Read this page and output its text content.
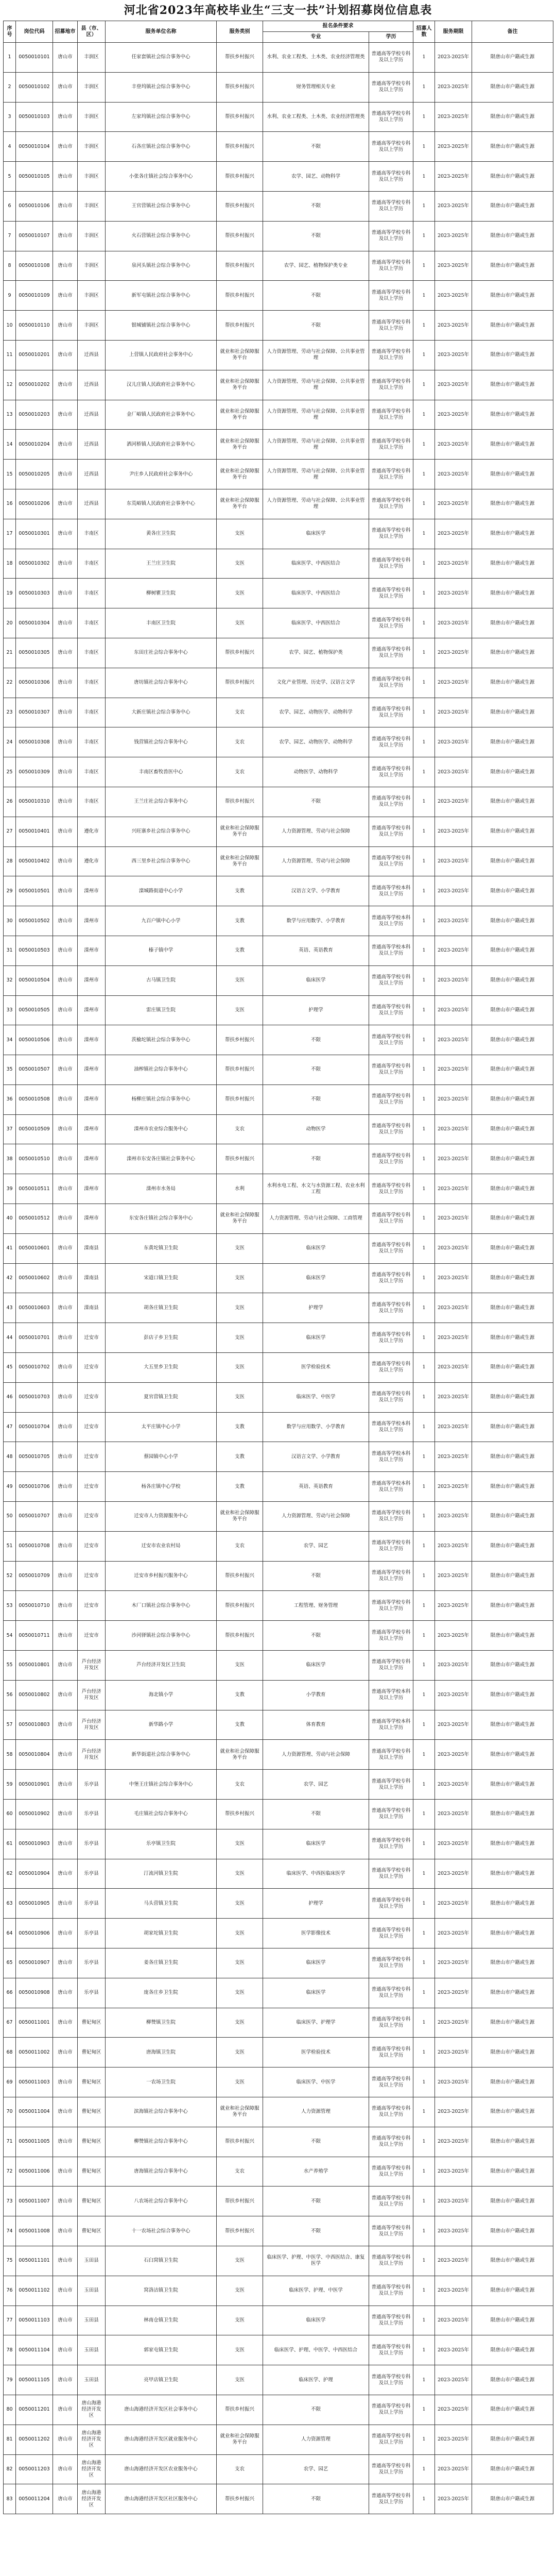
河北省2023年高校毕业生“三支一扶”计划招募岗位信息表
序号	岗位代码	招募地市	县（市、区）	服务单位名称	服务类别	报名条件要求		招募人数	服务期限	备注
						专业	学历			
1	0050010101	唐山市	丰润区	任家套镇社会综合事务中心	帮扶乡村振兴	水利、农业工程类、土木类、农业经济管理类	普通高等学校专科及以上学历	1	2023-2025年	限唐山市户籍或生源
2	0050010102	唐山市	丰润区	丰登坞镇社会综合事务中心	帮扶乡村振兴	财务管理相关专业	普通高等学校专科及以上学历	1	2023-2025年	限唐山市户籍或生源
3	0050010103	唐山市	丰润区	左家坞镇社会综合事务中心	帮扶乡村振兴	水利、农业工程类、土木类、农业经济管理类	普通高等学校专科及以上学历	1	2023-2025年	限唐山市户籍或生源
4	0050010104	唐山市	丰润区	石各庄镇社会综合事务中心	帮扶乡村振兴	不限	普通高等学校专科及以上学历	1	2023-2025年	限唐山市户籍或生源
5	0050010105	唐山市	丰润区	小张各庄镇社会综合事务中心	帮扶乡村振兴	农学、园艺、动物科学	普通高等学校专科及以上学历	1	2023-2025年	限唐山市户籍或生源
6	0050010106	唐山市	丰润区	王官营镇社会综合事务中心	帮扶乡村振兴	不限	普通高等学校专科及以上学历	1	2023-2025年	限唐山市户籍或生源
7	0050010107	唐山市	丰润区	火石营镇社会综合事务中心	帮扶乡村振兴	不限	普通高等学校专科及以上学历	1	2023-2025年	限唐山市户籍或生源
8	0050010108	唐山市	丰润区	泉河头镇社会综合事务中心	帮扶乡村振兴	农学、园艺、植物保护类专业	普通高等学校专科及以上学历	1	2023-2025年	限唐山市户籍或生源
9	0050010109	唐山市	丰润区	新军屯镇社会综合事务中心	帮扶乡村振兴	不限	普通高等学校专科及以上学历	1	2023-2025年	限唐山市户籍或生源
10	0050010110	唐山市	丰润区	银城铺镇社会综合事务中心	帮扶乡村振兴	不限	普通高等学校专科及以上学历	1	2023-2025年	限唐山市户籍或生源
11	0050010201	唐山市	迁西县	上营镇人民政府社会事务中心	就业和社会保障服务平台	人力资源管理、劳动与社会保障、公共事业管理	普通高等学校专科及以上学历	1	2023-2025年	限唐山市户籍或生源
12	0050010202	唐山市	迁西县	汉儿庄镇人民政府社会事务中心	就业和社会保障服务平台	人力资源管理、劳动与社会保障、公共事业管理	普通高等学校专科及以上学历	1	2023-2025年	限唐山市户籍或生源
13	0050010203	唐山市	迁西县	金厂峪镇人民政府社会事务中心	就业和社会保障服务平台	人力资源管理、劳动与社会保障、公共事业管理	普通高等学校专科及以上学历	1	2023-2025年	限唐山市户籍或生源
14	0050010204	唐山市	迁西县	洒河桥镇人民政府社会事务中心	就业和社会保障服务平台	人力资源管理、劳动与社会保障、公共事业管理	普通高等学校专科及以上学历	1	2023-2025年	限唐山市户籍或生源
15	0050010205	唐山市	迁西县	尹庄乡人民政府社会事务中心	就业和社会保障服务平台	人力资源管理、劳动与社会保障、公共事业管理	普通高等学校专科及以上学历	1	2023-2025年	限唐山市户籍或生源
16	0050010206	唐山市	迁西县	东荒峪镇人民政府社会事务中心	就业和社会保障服务平台	人力资源管理、劳动与社会保障、公共事业管理	普通高等学校专科及以上学历	1	2023-2025年	限唐山市户籍或生源
17	0050010301	唐山市	丰南区	黄各庄卫生院	支医	临床医学	普通高等学校专科及以上学历	1	2023-2025年	限唐山市户籍或生源
18	0050010302	唐山市	丰南区	王兰庄卫生院	支医	临床医学、中西医结合	普通高等学校专科及以上学历	1	2023-2025年	限唐山市户籍或生源
19	0050010303	唐山市	丰南区	柳树瞿卫生院	支医	临床医学、中西医结合	普通高等学校专科及以上学历	1	2023-2025年	限唐山市户籍或生源
20	0050010304	唐山市	丰南区	丰南区卫生院	支医	临床医学、中西医结合	普通高等学校专科及以上学历	1	2023-2025年	限唐山市户籍或生源
21	0050010305	唐山市	丰南区	东田庄社会综合事务中心	帮扶乡村振兴	农学、园艺、植物保护类	普通高等学校专科及以上学历	1	2023-2025年	限唐山市户籍或生源
22	0050010306	唐山市	丰南区	唐坊镇社会综合事务中心	帮扶乡村振兴	文化产业管理、历史学、汉语言文学	普通高等学校专科及以上学历	1	2023-2025年	限唐山市户籍或生源
23	0050010307	唐山市	丰南区	大新庄镇社会综合事务中心	支农	农学、园艺、动物医学、动物科学	普通高等学校专科及以上学历	1	2023-2025年	限唐山市户籍或生源
24	0050010308	唐山市	丰南区	钱营镇社会综合事务中心	支农	农学、园艺、动物医学、动物科学	普通高等学校专科及以上学历	1	2023-2025年	限唐山市户籍或生源
25	0050010309	唐山市	丰南区	丰南区畜牧兽医中心	支农	动物医学、动物科学	普通高等学校专科及以上学历	1	2023-2025年	限唐山市户籍或生源
26	0050010310	唐山市	丰南区	王兰庄社会综合事务中心	帮扶乡村振兴	不限	普通高等学校专科及以上学历	1	2023-2025年	限唐山市户籍或生源
27	0050010401	唐山市	遵化市	兴旺寨乡社会综合事务中心	就业和社会保障服务平台	人力资源管理、劳动与社会保障	普通高等学校专科及以上学历	1	2023-2025年	限唐山市户籍或生源
28	0050010402	唐山市	遵化市	西三里乡社会综合事务中心	就业和社会保障服务平台	人力资源管理、劳动与社会保障	普通高等学校专科及以上学历	1	2023-2025年	限唐山市户籍或生源
29	0050010501	唐山市	滦州市	滦城路街道中心小学	支教	汉语言文学、小学教育	普通高等学校本科及以上学历	1	2023-2025年	限唐山市户籍或生源
30	0050010502	唐山市	滦州市	九百户镇中心小学	支教	数学与应用数学、小学教育	普通高等学校本科及以上学历	1	2023-2025年	限唐山市户籍或生源
31	0050010503	唐山市	滦州市	榛子镇中学	支教	英语、英语教育	普通高等学校本科及以上学历	1	2023-2025年	限唐山市户籍或生源
32	0050010504	唐山市	滦州市	古马镇卫生院	支医	临床医学	普通高等学校专科及以上学历	1	2023-2025年	限唐山市户籍或生源
33	0050010505	唐山市	滦州市	雷庄镇卫生院	支医	护理学	普通高等学校专科及以上学历	1	2023-2025年	限唐山市户籍或生源
34	0050010506	唐山市	滦州市	茨榆坨镇社会综合事务中心	帮扶乡村振兴	不限	普通高等学校专科及以上学历	1	2023-2025年	限唐山市户籍或生源
35	0050010507	唐山市	滦州市	油榨镇社会综合事务中心	帮扶乡村振兴	不限	普通高等学校专科及以上学历	1	2023-2025年	限唐山市户籍或生源
36	0050010508	唐山市	滦州市	杨柳庄镇社会综合事务中心	帮扶乡村振兴	不限	普通高等学校专科及以上学历	1	2023-2025年	限唐山市户籍或生源
37	0050010509	唐山市	滦州市	滦州市农业综合服务中心	支农	动物医学	普通高等学校专科及以上学历	1	2023-2025年	限唐山市户籍或生源
38	0050010510	唐山市	滦州市	滦州市东安各庄镇社会事务中心	帮扶乡村振兴	不限	普通高等学校专科及以上学历	1	2023-2025年	限唐山市户籍或生源
39	0050010511	唐山市	滦州市	滦州市水务局	水利	水利水电工程、水文与水资源工程、农业水利工程	普通高等学校专科及以上学历	1	2023-2025年	限唐山市户籍或生源
40	0050010512	唐山市	滦州市	东安各庄镇社会综合事务中心	就业和社会保障服务平台	人力资源管理、劳动与社会保障、工商管理	普通高等学校专科及以上学历	1	2023-2025年	限唐山市户籍或生源
41	0050010601	唐山市	滦南县	东黄坨镇卫生院	支医	临床医学	普通高等学校专科及以上学历	1	2023-2025年	限唐山市户籍或生源
42	0050010602	唐山市	滦南县	宋道口镇卫生院	支医	临床医学	普通高等学校专科及以上学历	1	2023-2025年	限唐山市户籍或生源
43	0050010603	唐山市	滦南县	胡各庄镇卫生院	支医	护理学	普通高等学校专科及以上学历	1	2023-2025年	限唐山市户籍或生源
44	0050010701	唐山市	迁安市	彭店子乡卫生院	支医	临床医学	普通高等学校专科及以上学历	1	2023-2025年	限唐山市户籍或生源
45	0050010702	唐山市	迁安市	大五里乡卫生院	支医	医学检验技术	普通高等学校专科及以上学历	1	2023-2025年	限唐山市户籍或生源
46	0050010703	唐山市	迁安市	夏官营镇卫生院	支医	临床医学、中医学	普通高等学校专科及以上学历	1	2023-2025年	限唐山市户籍或生源
47	0050010704	唐山市	迁安市	太平庄镇中心小学	支教	数学与应用数学、小学教育	普通高等学校本科及以上学历	1	2023-2025年	限唐山市户籍或生源
48	0050010705	唐山市	迁安市	蔡园镇中心小学	支教	汉语言文学、小学教育	普通高等学校本科及以上学历	1	2023-2025年	限唐山市户籍或生源
49	0050010706	唐山市	迁安市	杨各庄镇中心学校	支教	英语、英语教育	普通高等学校本科及以上学历	1	2023-2025年	限唐山市户籍或生源
50	0050010707	唐山市	迁安市	迁安市人力资源服务中心	就业和社会保障服务平台	人力资源管理、劳动与社会保障	普通高等学校专科及以上学历	1	2023-2025年	限唐山市户籍或生源
51	0050010708	唐山市	迁安市	迁安市农业农村局	支农	农学、园艺	普通高等学校专科及以上学历	1	2023-2025年	限唐山市户籍或生源
52	0050010709	唐山市	迁安市	迁安市乡村振兴服务中心	帮扶乡村振兴	不限	普通高等学校专科及以上学历	1	2023-2025年	限唐山市户籍或生源
53	0050010710	唐山市	迁安市	木厂口镇社会综合事务中心	帮扶乡村振兴	工程管理、财务管理	普通高等学校专科及以上学历	1	2023-2025年	限唐山市户籍或生源
54	0050010711	唐山市	迁安市	沙河驿镇社会综合事务中心	帮扶乡村振兴	不限	普通高等学校专科及以上学历	1	2023-2025年	限唐山市户籍或生源
55	0050010801	唐山市	芦台经济开发区	芦台经济开发区卫生院	支医	临床医学	普通高等学校专科及以上学历	1	2023-2025年	限唐山市户籍或生源
56	0050010802	唐山市	芦台经济开发区	海北镇小学	支教	小学教育	普通高等学校本科及以上学历	1	2023-2025年	限唐山市户籍或生源
57	0050010803	唐山市	芦台经济开发区	新华路小学	支教	体育教育	普通高等学校本科及以上学历	1	2023-2025年	限唐山市户籍或生源
58	0050010804	唐山市	芦台经济开发区	新华街道社会综合事务中心	就业和社会保障服务平台	人力资源管理、劳动与社会保障	普通高等学校专科及以上学历	1	2023-2025年	限唐山市户籍或生源
59	0050010901	唐山市	乐亭县	中堡王庄镇社会综合事务中心	支农	农学、园艺	普通高等学校专科及以上学历	1	2023-2025年	限唐山市户籍或生源
60	0050010902	唐山市	乐亭县	毛庄镇社会综合事务中心	帮扶乡村振兴	不限	普通高等学校专科及以上学历	1	2023-2025年	限唐山市户籍或生源
61	0050010903	唐山市	乐亭县	乐亭镇卫生院	支医	临床医学	普通高等学校专科及以上学历	1	2023-2025年	限唐山市户籍或生源
62	0050010904	唐山市	乐亭县	汀流河镇卫生院	支医	临床医学、中西医临床医学	普通高等学校专科及以上学历	1	2023-2025年	限唐山市户籍或生源
63	0050010905	唐山市	乐亭县	马头营镇卫生院	支医	护理学	普通高等学校专科及以上学历	1	2023-2025年	限唐山市户籍或生源
64	0050010906	唐山市	乐亭县	胡家坨镇卫生院	支医	医学影像技术	普通高等学校专科及以上学历	1	2023-2025年	限唐山市户籍或生源
65	0050010907	唐山市	乐亭县	姜各庄镇卫生院	支医	临床医学	普通高等学校专科及以上学历	1	2023-2025年	限唐山市户籍或生源
66	0050010908	唐山市	乐亭县	庞各庄乡卫生院	支医	临床医学	普通高等学校专科及以上学历	1	2023-2025年	限唐山市户籍或生源
67	0050011001	唐山市	曹妃甸区	柳赞镇卫生院	支医	临床医学、护理学	普通高等学校专科及以上学历	1	2023-2025年	限唐山市户籍或生源
68	0050011002	唐山市	曹妃甸区	唐海镇卫生院	支医	医学检验技术	普通高等学校专科及以上学历	1	2023-2025年	限唐山市户籍或生源
69	0050011003	唐山市	曹妃甸区	一农场卫生院	支医	临床医学、中医学	普通高等学校专科及以上学历	1	2023-2025年	限唐山市户籍或生源
70	0050011004	唐山市	曹妃甸区	滨海镇社会综合事务中心	就业和社会保障服务平台	人力资源管理	普通高等学校专科及以上学历	1	2023-2025年	限唐山市户籍或生源
71	0050011005	唐山市	曹妃甸区	柳赞镇社会综合事务中心	帮扶乡村振兴	不限	普通高等学校专科及以上学历	1	2023-2025年	限唐山市户籍或生源
72	0050011006	唐山市	曹妃甸区	唐海镇社会综合事务中心	支农	水产养殖学	普通高等学校专科及以上学历	1	2023-2025年	限唐山市户籍或生源
73	0050011007	唐山市	曹妃甸区	八农场社会综合事务中心	帮扶乡村振兴	不限	普通高等学校专科及以上学历	1	2023-2025年	限唐山市户籍或生源
74	0050011008	唐山市	曹妃甸区	十一农场社会综合事务中心	帮扶乡村振兴	不限	普通高等学校专科及以上学历	1	2023-2025年	限唐山市户籍或生源
75	0050011101	唐山市	玉田县	石臼窝镇卫生院	支医	临床医学、护理、中医学、中西医结合、康复医学	普通高等学校专科及以上学历	1	2023-2025年	限唐山市户籍或生源
76	0050011102	唐山市	玉田县	窝洛沽镇卫生院	支医	临床医学、护理、中医学	普通高等学校专科及以上学历	1	2023-2025年	限唐山市户籍或生源
77	0050011103	唐山市	玉田县	林南仓镇卫生院	支医	临床医学	普通高等学校专科及以上学历	1	2023-2025年	限唐山市户籍或生源
78	0050011104	唐山市	玉田县	郭家屯镇卫生院	支医	临床医学、护理、中医学、中西医结合	普通高等学校专科及以上学历	1	2023-2025年	限唐山市户籍或生源
79	0050011105	唐山市	玉田县	亮甲店镇卫生院	支医	临床医学、护理	普通高等学校专科及以上学历	1	2023-2025年	限唐山市户籍或生源
80	0050011201	唐山市	唐山海港经济开发区	唐山海港经济开发区社会事务中心	帮扶乡村振兴	不限	普通高等学校专科及以上学历	1	2023-2025年	限唐山市户籍或生源
81	0050011202	唐山市	唐山海港经济开发区	唐山海港经济开发区就业服务中心	就业和社会保障服务平台	人力资源管理	普通高等学校专科及以上学历	1	2023-2025年	限唐山市户籍或生源
82	0050011203	唐山市	唐山海港经济开发区	唐山海港经济开发区农业服务中心	支农	农学、园艺	普通高等学校专科及以上学历	1	2023-2025年	限唐山市户籍或生源
83	0050011204	唐山市	唐山海港经济开发区	唐山海港经济开发区社区服务中心	帮扶乡村振兴	不限	普通高等学校专科及以上学历	1	2023-2025年	限唐山市户籍或生源
